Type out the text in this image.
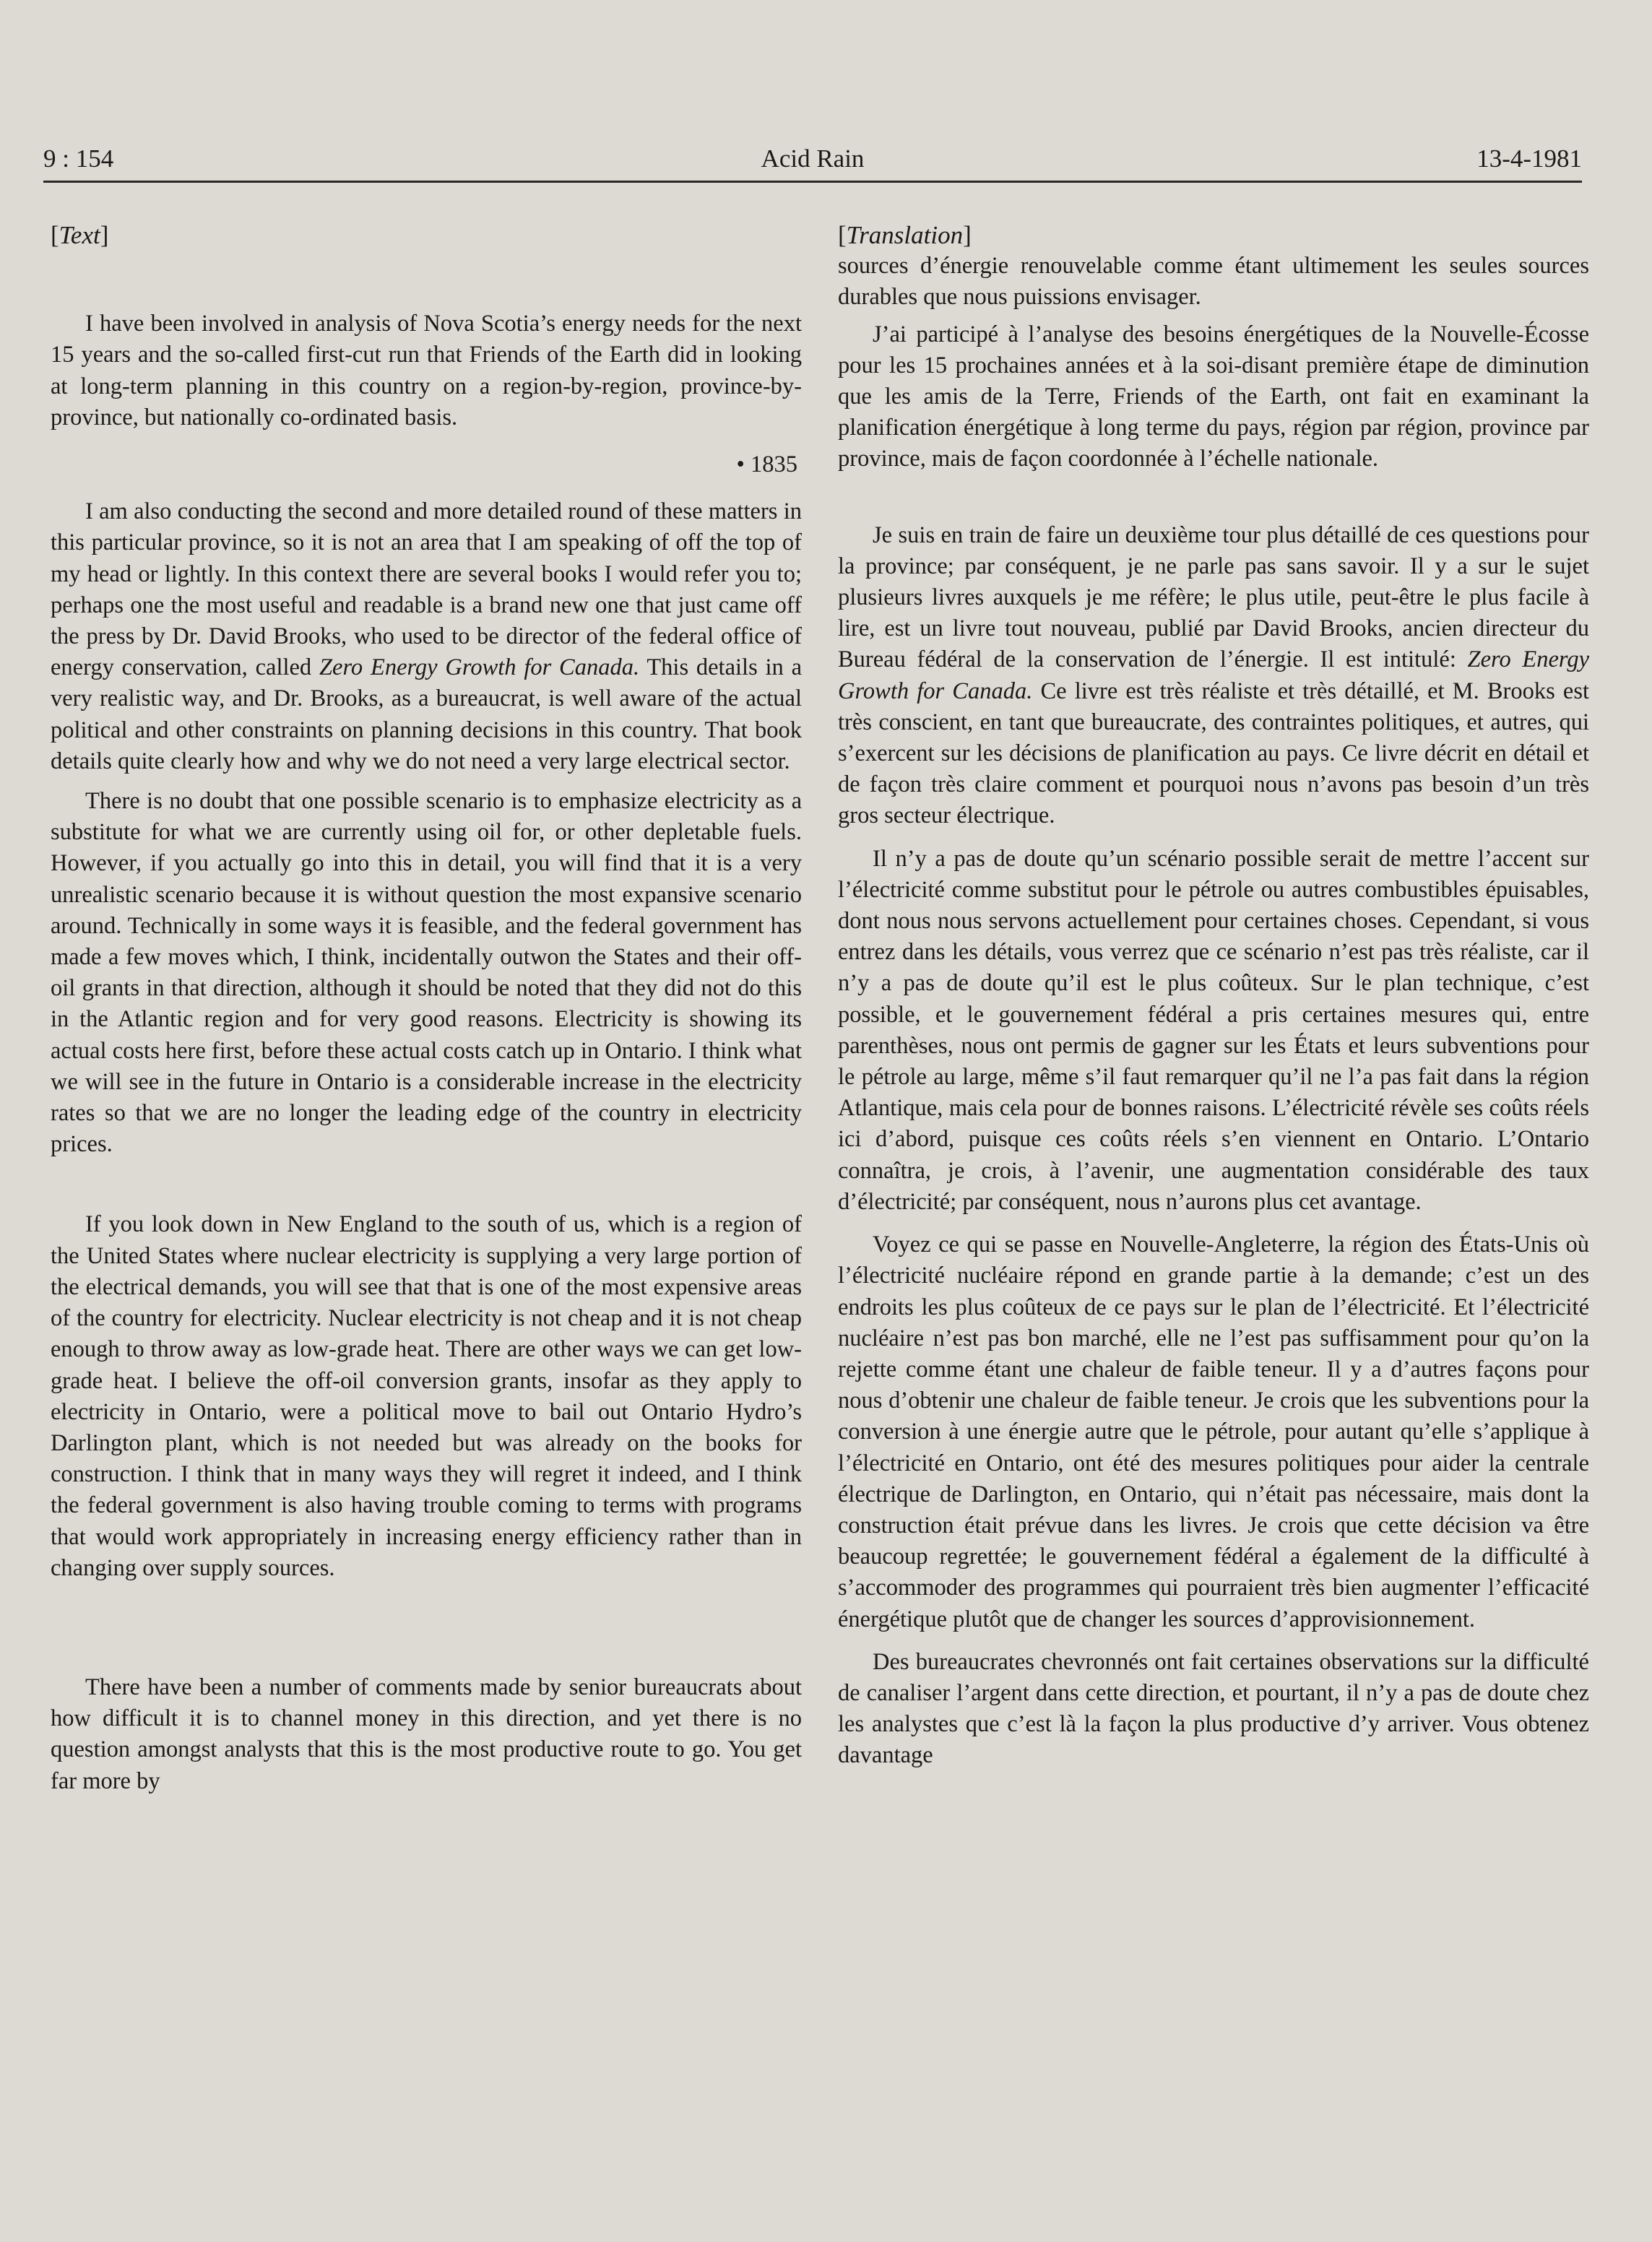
9 : 154	Acid Rain	13-4-1981
[Text]

I have been involved in analysis of Nova Scotia’s energy needs for the next 15 years and the so-called first-cut run that Friends of the Earth did in looking at long-term planning in this country on a region-by-region, province-by-province, but nationally co-ordinated basis.

• 1835

I am also conducting the second and more detailed round of these matters in this particular province, so it is not an area that I am speaking of off the top of my head or lightly. In this context there are several books I would refer you to; perhaps one the most useful and readable is a brand new one that just came off the press by Dr. David Brooks, who used to be director of the federal office of energy conservation, called Zero Energy Growth for Canada. This details in a very realistic way, and Dr. Brooks, as a bureaucrat, is well aware of the actual political and other constraints on planning decisions in this country. That book details quite clearly how and why we do not need a very large electrical sector.

There is no doubt that one possible scenario is to emphasize electricity as a substitute for what we are currently using oil for, or other depletable fuels. However, if you actually go into this in detail, you will find that it is a very unrealistic scenario because it is without question the most expansive scenario around. Technically in some ways it is feasible, and the federal government has made a few moves which, I think, incidentally outwon the States and their off-oil grants in that direction, although it should be noted that they did not do this in the Atlantic region and for very good reasons. Electricity is showing its actual costs here first, before these actual costs catch up in Ontario. I think what we will see in the future in Ontario is a considerable increase in the electricity rates so that we are no longer the leading edge of the country in electricity prices.

If you look down in New England to the south of us, which is a region of the United States where nuclear electricity is supplying a very large portion of the electrical demands, you will see that that is one of the most expensive areas of the country for electricity. Nuclear electricity is not cheap and it is not cheap enough to throw away as low-grade heat. There are other ways we can get low-grade heat. I believe the off-oil conversion grants, insofar as they apply to electricity in Ontario, were a political move to bail out Ontario Hydro’s Darlington plant, which is not needed but was already on the books for construction. I think that in many ways they will regret it indeed, and I think the federal government is also having trouble coming to terms with programs that would work appropriately in increasing energy efficiency rather than in changing over supply sources.

There have been a number of comments made by senior bureaucrats about how difficult it is to channel money in this direction, and yet there is no question amongst analysts that this is the most productive route to go. You get far more by

[Translation]

sources d’énergie renouvelable comme étant ultimement les seules sources durables que nous puissions envisager.

J’ai participé à l’analyse des besoins énergétiques de la Nouvelle-Écosse pour les 15 prochaines années et à la soi-disant première étape de diminution que les amis de la Terre, Friends of the Earth, ont fait en examinant la planification énergétique à long terme du pays, région par région, province par province, mais de façon coordonnée à l’échelle nationale.

Je suis en train de faire un deuxième tour plus détaillé de ces questions pour la province; par conséquent, je ne parle pas sans savoir. Il y a sur le sujet plusieurs livres auxquels je me réfère; le plus utile, peut-être le plus facile à lire, est un livre tout nouveau, publié par David Brooks, ancien directeur du Bureau fédéral de la conservation de l’énergie. Il est intitulé: Zero Energy Growth for Canada. Ce livre est très réaliste et très détaillé, et M. Brooks est très conscient, en tant que bureaucrate, des contraintes politiques, et autres, qui s’exercent sur les décisions de planification au pays. Ce livre décrit en détail et de façon très claire comment et pourquoi nous n’avons pas besoin d’un très gros secteur électrique.

Il n’y a pas de doute qu’un scénario possible serait de mettre l’accent sur l’électricité comme substitut pour le pétrole ou autres combustibles épuisables, dont nous nous servons actuellement pour certaines choses. Cependant, si vous entrez dans les détails, vous verrez que ce scénario n’est pas très réaliste, car il n’y a pas de doute qu’il est le plus coûteux. Sur le plan technique, c’est possible, et le gouvernement fédéral a pris certaines mesures qui, entre parenthèses, nous ont permis de gagner sur les États et leurs subventions pour le pétrole au large, même s’il faut remarquer qu’il ne l’a pas fait dans la région Atlantique, mais cela pour de bonnes raisons. L’électricité révèle ses coûts réels ici d’abord, puisque ces coûts réels s’en viennent en Ontario. L’Ontario connaîtra, je crois, à l’avenir, une augmentation considérable des taux d’électricité; par conséquent, nous n’aurons plus cet avantage.

Voyez ce qui se passe en Nouvelle-Angleterre, la région des États-Unis où l’électricité nucléaire répond en grande partie à la demande; c’est un des endroits les plus coûteux de ce pays sur le plan de l’électricité. Et l’électricité nucléaire n’est pas bon marché, elle ne l’est pas suffisamment pour qu’on la rejette comme étant une chaleur de faible teneur. Il y a d’autres façons pour nous d’obtenir une chaleur de faible teneur. Je crois que les subventions pour la conversion à une énergie autre que le pétrole, pour autant qu’elle s’applique à l’électricité en Ontario, ont été des mesures politiques pour aider la centrale électrique de Darlington, en Ontario, qui n’était pas nécessaire, mais dont la construction était prévue dans les livres. Je crois que cette décision va être beaucoup regrettée; le gouvernement fédéral a également de la difficulté à s’accommoder des programmes qui pourraient très bien augmenter l’efficacité énergétique plutôt que de changer les sources d’approvisionnement.

Des bureaucrates chevronnés ont fait certaines observations sur la difficulté de canaliser l’argent dans cette direction, et pourtant, il n’y a pas de doute chez les analystes que c’est là la façon la plus productive d’y arriver. Vous obtenez davantage
